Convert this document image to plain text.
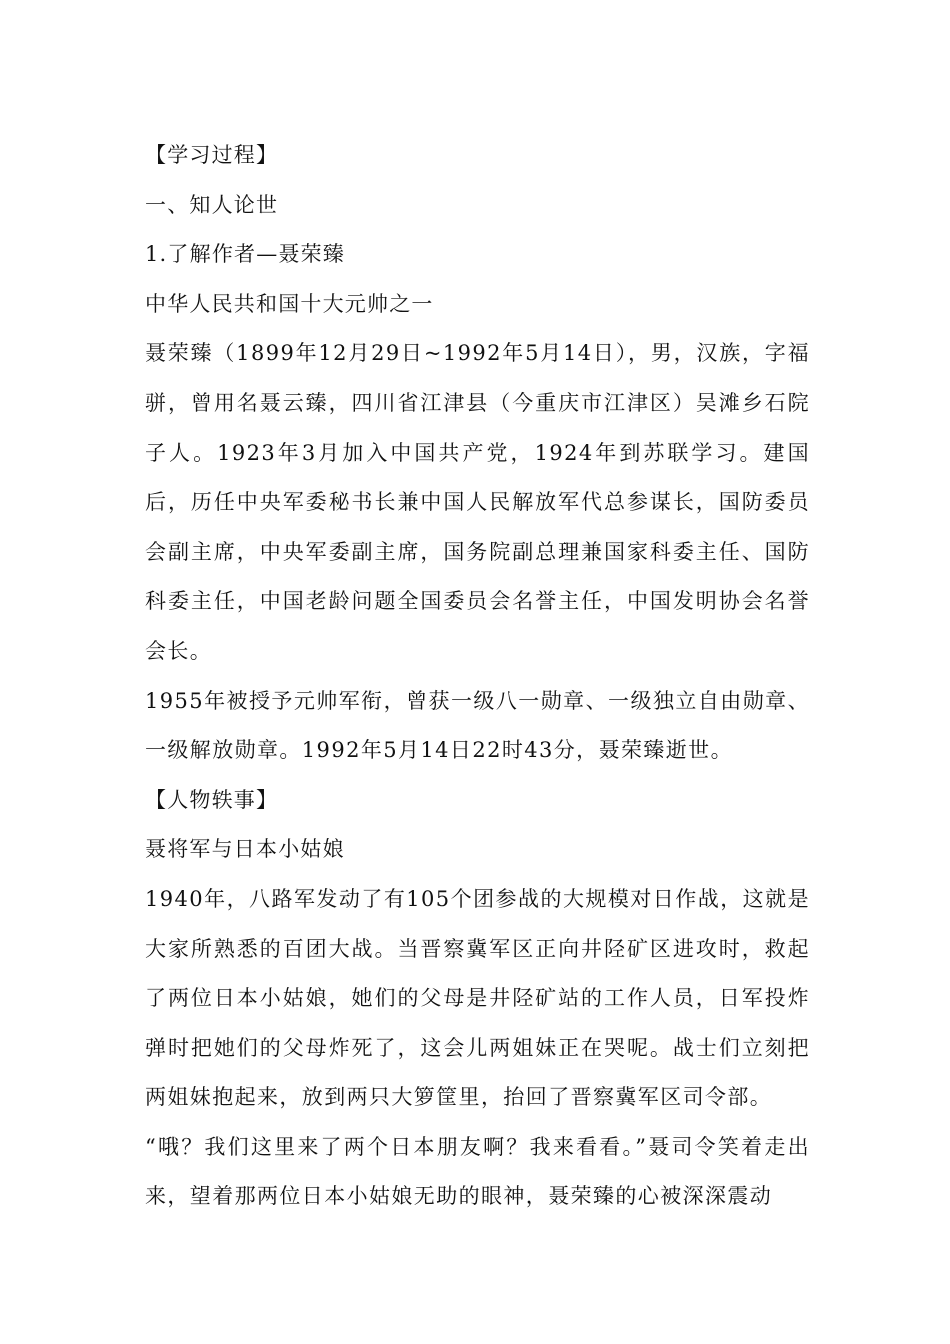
【学习过程】
一、知人论世
1.了解作者—聂荣臻
中华人民共和国十大元帅之一
聂荣臻（1899年12月29日~1992年5月14日），男，汉族，字福骈，曾用名聂云臻，四川省江津县（今重庆市江津区）吴滩乡石院子人。1923年3月加入中国共产党，1924年到苏联学习。建国后，历任中央军委秘书长兼中国人民解放军代总参谋长，国防委员会副主席，中央军委副主席，国务院副总理兼国家科委主任、国防科委主任，中国老龄问题全国委员会名誉主任，中国发明协会名誉会长。
1955年被授予元帅军衔，曾获一级八一勋章、一级独立自由勋章、一级解放勋章。1992年5月14日22时43分，聂荣臻逝世。
【人物轶事】
聂将军与日本小姑娘
1940年，八路军发动了有105个团参战的大规模对日作战，这就是大家所熟悉的百团大战。当晋察冀军区正向井陉矿区进攻时，救起了两位日本小姑娘，她们的父母是井陉矿站的工作人员，日军投炸弹时把她们的父母炸死了，这会儿两姐妹正在哭呢。战士们立刻把两姐妹抱起来，放到两只大箩筐里，抬回了晋察冀军区司令部。
“哦？我们这里来了两个日本朋友啊？我来看看。”聂司令笑着走出来，望着那两位日本小姑娘无助的眼神，聂荣臻的心被深深震动
